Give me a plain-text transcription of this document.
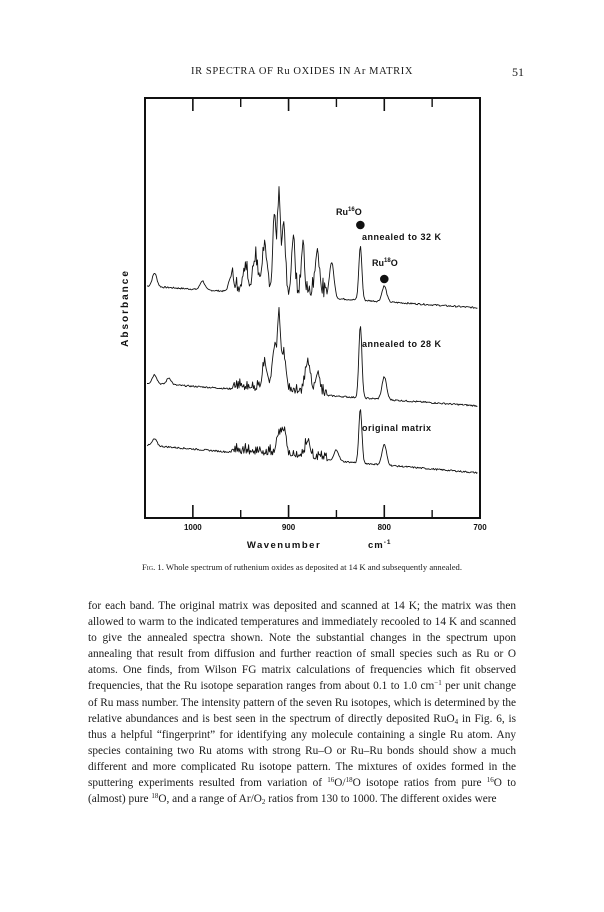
IR SPECTRA OF Ru OXIDES IN Ar MATRIX	51
1000	900	800	700
annealed to 32 K
annealed to 28 K
original matrix
Ru$^{16}$O
Ru$^{18}$O
Absorbance
Wavenumber	$cm^{-1}$
Fig. 1. Whole spectrum of ruthenium oxides as deposited at 14 K and subsequently annealed.

for each band. The original matrix was deposited and scanned at 14 K; the matrix was then allowed to warm to the indicated temperatures and immediately recooled to 14 K and scanned to give the annealed spectra shown. Note the substantial changes in the spectrum upon annealing that result from diffusion and further reaction of small species such as Ru or O atoms. One finds, from Wilson FG matrix calculations of frequencies which fit observed frequencies, that the Ru isotope separation ranges from about 0.1 to 1.0 $cm^{-1}$ per unit change of Ru mass number. The intensity pattern of the seven Ru isotopes, which is determined by the relative abundances and is best seen in the spectrum of directly deposited RuO$_4$ in Fig. 6, is thus a helpful “fingerprint” for identifying any molecule containing a single Ru atom. Any species containing two Ru atoms with strong Ru–O or Ru–Ru bonds should show a much different and more complicated Ru isotope pattern. The mixtures of oxides formed in the sputtering experiments resulted from variation of $^{16}$O/$^{18}$O isotope ratios from pure $^{16}$O to (almost) pure $^{18}$O, and a range of $Ar/O_2$ ratios from 130 to 1000. The different oxides were
